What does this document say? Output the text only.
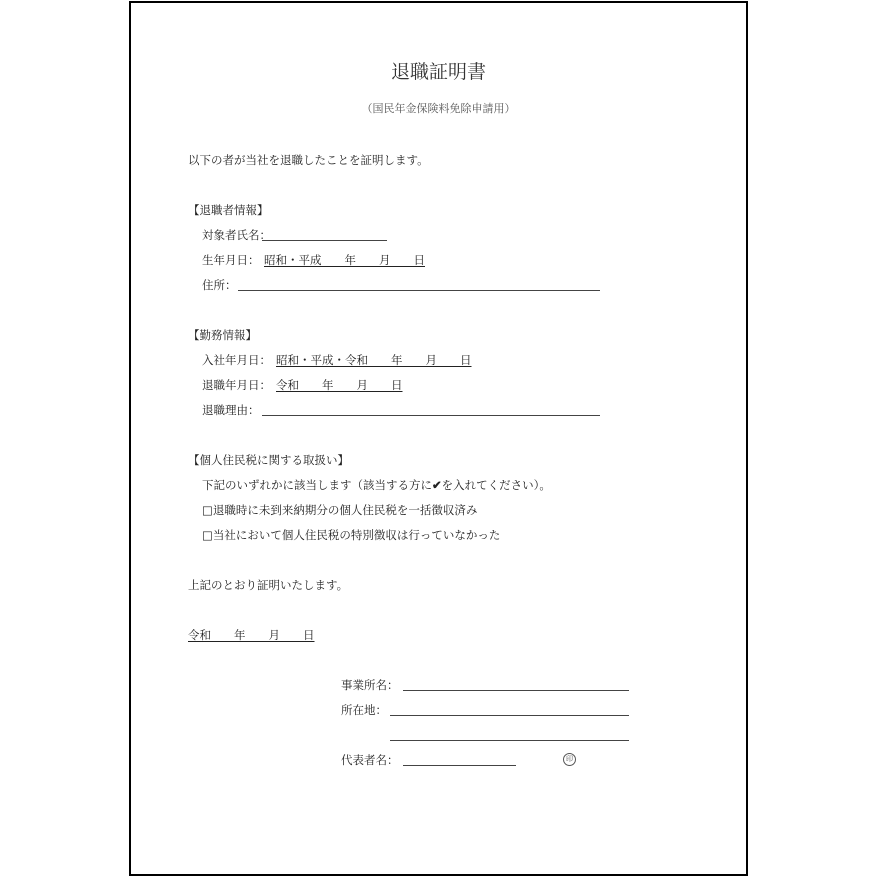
退職証明書
（国民年金保険料免除申請用）
以下の者が当社を退職したことを証明します。
【退職者情報】
対象者氏名：
生年月日： 昭和・平成　　年　　月　　日
住所：
【勤務情報】
入社年月日： 昭和・平成・令和　　年　　月　　日
退職年月日： 令和　　年　　月　　日
退職理由：
【個人住民税に関する取扱い】
下記のいずれかに該当します（該当する方に✔を入れてください）。
□退職時に未到来納期分の個人住民税を一括徴収済み
□当社において個人住民税の特別徴収は行っていなかった
上記のとおり証明いたします。
令和　　年　　月　　日
事業所名：
所在地：
代表者名：	印
